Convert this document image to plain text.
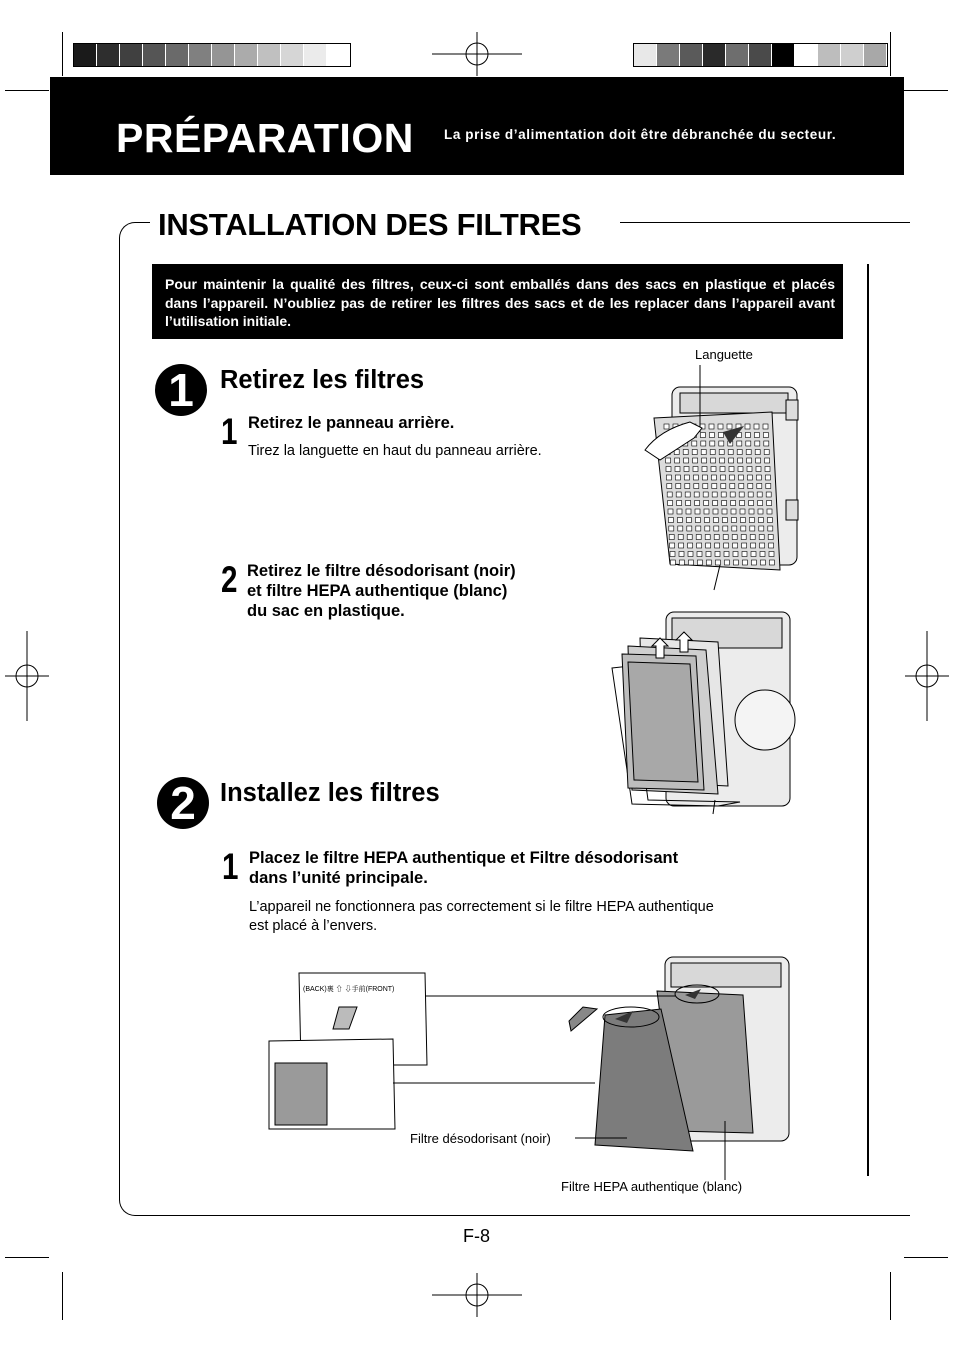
PRÉPARATION La prise d’alimentation doit être débranchée du secteur.
INSTALLATION DES FILTRES

Pour maintenir la qualité des filtres, ceux-ci sont emballés dans des sacs en plastique et placés dans l’appareil. N’oubliez pas de retirer les filtres des sacs et de les replacer dans l’appareil avant l’utilisation initiale.

1	Retirez les filtres
1 Retirez le panneau arrière.
Tirez la languette en haut du panneau arrière.
2 Retirez le filtre désodorisant (noir)
et filtre HEPA authentique (blanc)
du sac en plastique.
Languette
2 Installez les filtres
1 Placez le filtre HEPA authentique et Filtre désodorisant
dans l’unité principale.
L’appareil ne fonctionnera pas correctement si le filtre HEPA authentique
est placé à l’envers.
(BACK)裏 ⇧ ⇩手前(FRONT)
Filtre désodorisant (noir)
Filtre HEPA authentique (blanc)
F-8
